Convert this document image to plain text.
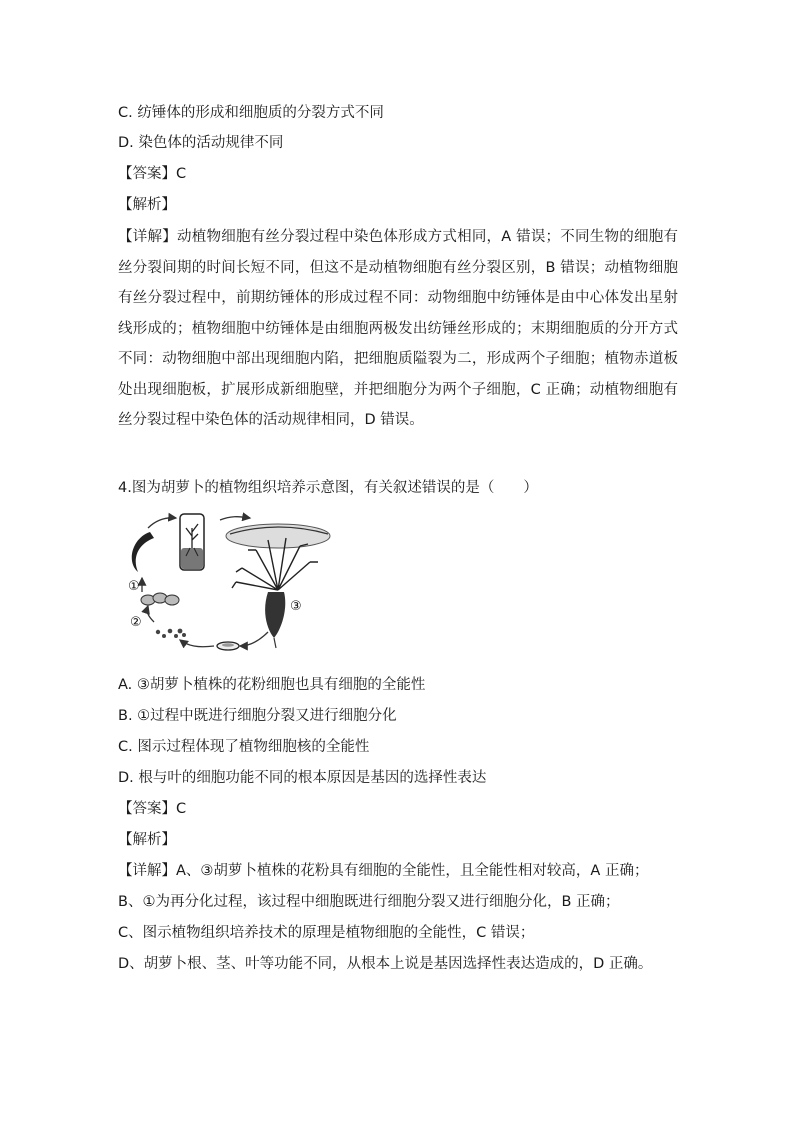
C. 纺锤体的形成和细胞质的分裂方式不同
D. 染色体的活动规律不同
【答案】C
【解析】
【详解】动植物细胞有丝分裂过程中染色体形成方式相同，A 错误；不同生物的细胞有丝分裂间期的时间长短不同，但这不是动植物细胞有丝分裂区别，B 错误；动植物细胞有丝分裂过程中，前期纺锤体的形成过程不同：动物细胞中纺锤体是由中心体发出星射线形成的；植物细胞中纺锤体是由细胞两极发出纺锤丝形成的；末期细胞质的分开方式不同：动物细胞中部出现细胞内陷，把细胞质隘裂为二，形成两个子细胞；植物赤道板处出现细胞板，扩展形成新细胞壁，并把细胞分为两个子细胞，C 正确；动植物细胞有丝分裂过程中染色体的活动规律相同，D 错误。
4.图为胡萝卜的植物组织培养示意图，有关叙述错误的是（　　）
③
②
①
A. ③胡萝卜植株的花粉细胞也具有细胞的全能性
B. ①过程中既进行细胞分裂又进行细胞分化
C. 图示过程体现了植物细胞核的全能性
D. 根与叶的细胞功能不同的根本原因是基因的选择性表达
【答案】C
【解析】
【详解】A、③胡萝卜植株的花粉具有细胞的全能性，且全能性相对较高，A 正确；
B、①为再分化过程，该过程中细胞既进行细胞分裂又进行细胞分化，B 正确；
C、图示植物组织培养技术的原理是植物细胞的全能性，C 错误；
D、胡萝卜根、茎、叶等功能不同，从根本上说是基因选择性表达造成的，D 正确。
